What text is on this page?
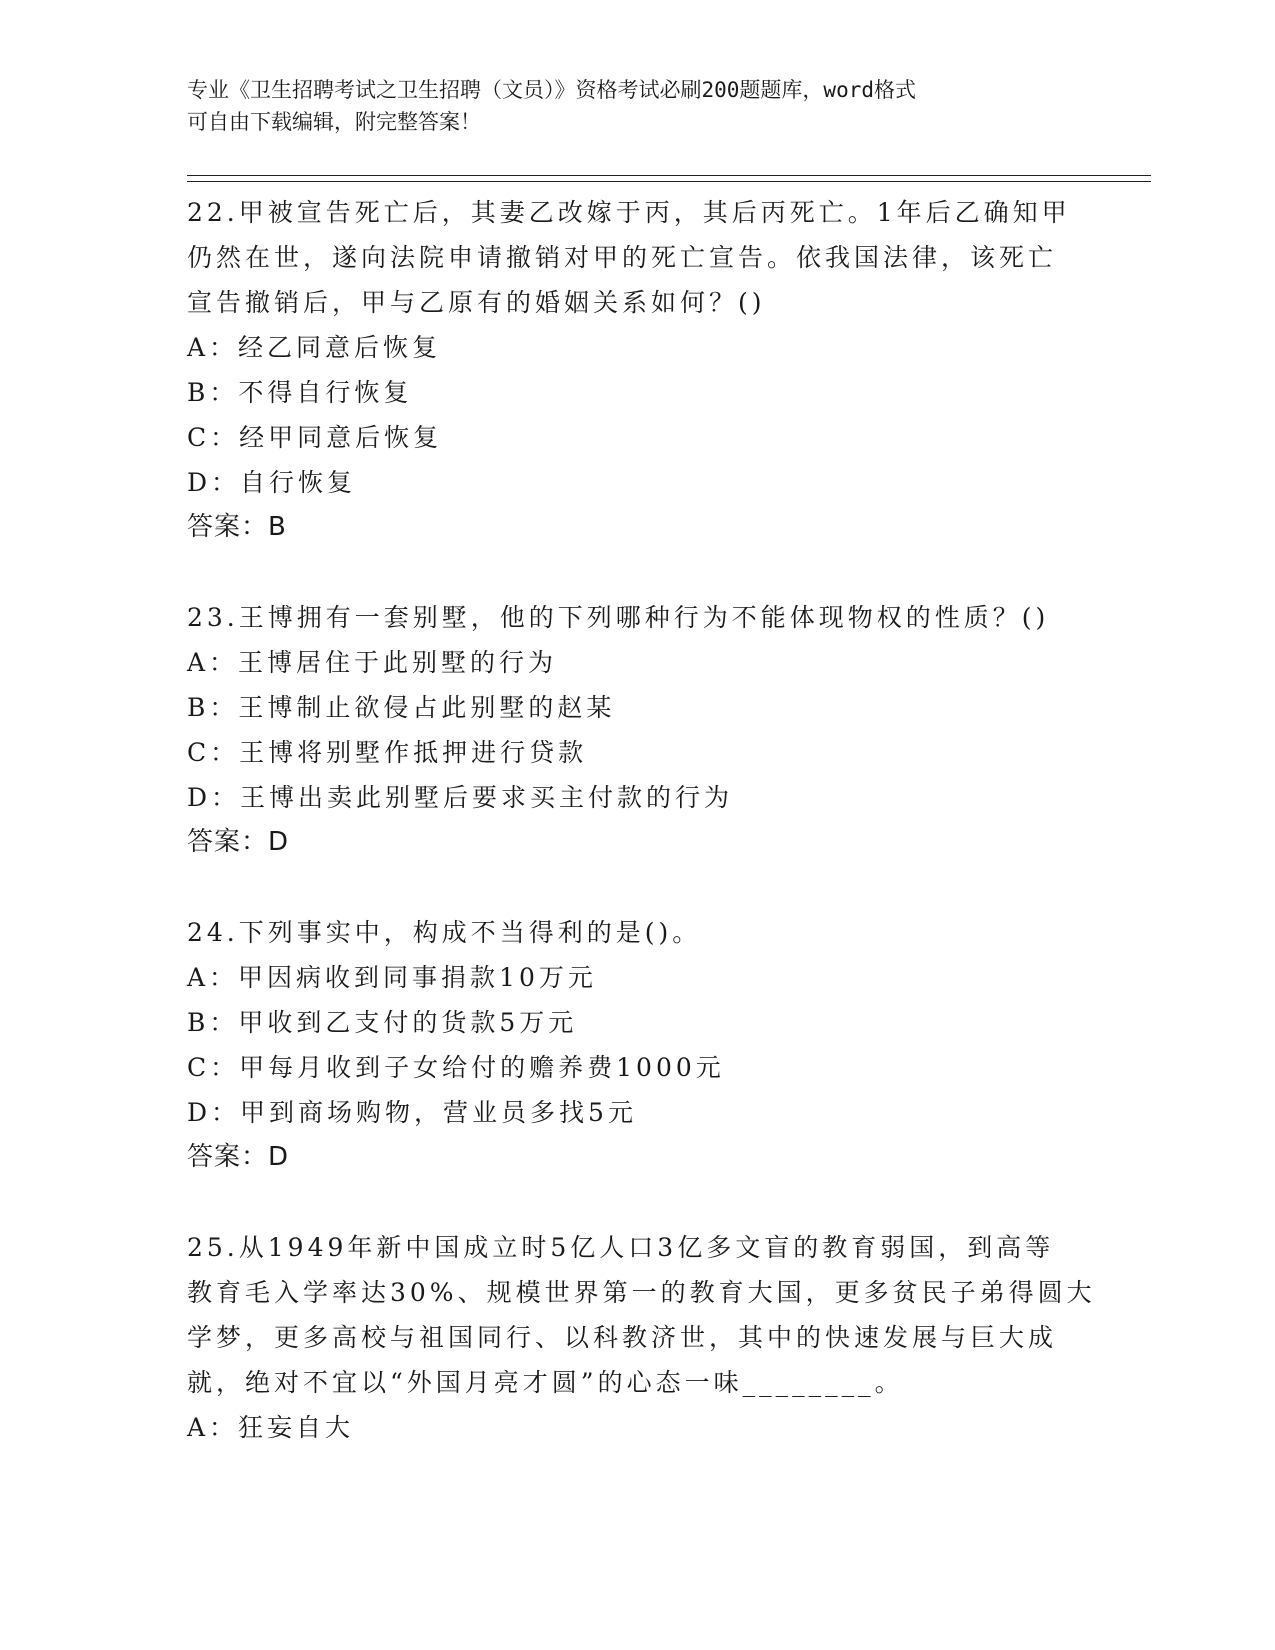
专业《卫生招聘考试之卫生招聘（文员）》资格考试必刷200题题库，word格式
可自由下载编辑，附完整答案！
22.甲被宣告死亡后，其妻乙改嫁于丙，其后丙死亡。1年后乙确知甲
仍然在世，遂向法院申请撤销对甲的死亡宣告。依我国法律，该死亡
宣告撤销后，甲与乙原有的婚姻关系如何？()
A：经乙同意后恢复
B：不得自行恢复
C：经甲同意后恢复
D：自行恢复
答案：B
23.王博拥有一套别墅，他的下列哪种行为不能体现物权的性质？()
A：王博居住于此别墅的行为
B：王博制止欲侵占此别墅的赵某
C：王博将别墅作抵押进行贷款
D：王博出卖此别墅后要求买主付款的行为
答案：D
24.下列事实中，构成不当得利的是()。
A：甲因病收到同事捐款10万元
B：甲收到乙支付的货款5万元
C：甲每月收到子女给付的赡养费1000元
D：甲到商场购物，营业员多找5元
答案：D
25.从1949年新中国成立时5亿人口3亿多文盲的教育弱国，到高等
教育毛入学率达30%、规模世界第一的教育大国，更多贫民子弟得圆大
学梦，更多高校与祖国同行、以科教济世，其中的快速发展与巨大成
就，绝对不宜以“外国月亮才圆”的心态一味________。
A：狂妄自大
